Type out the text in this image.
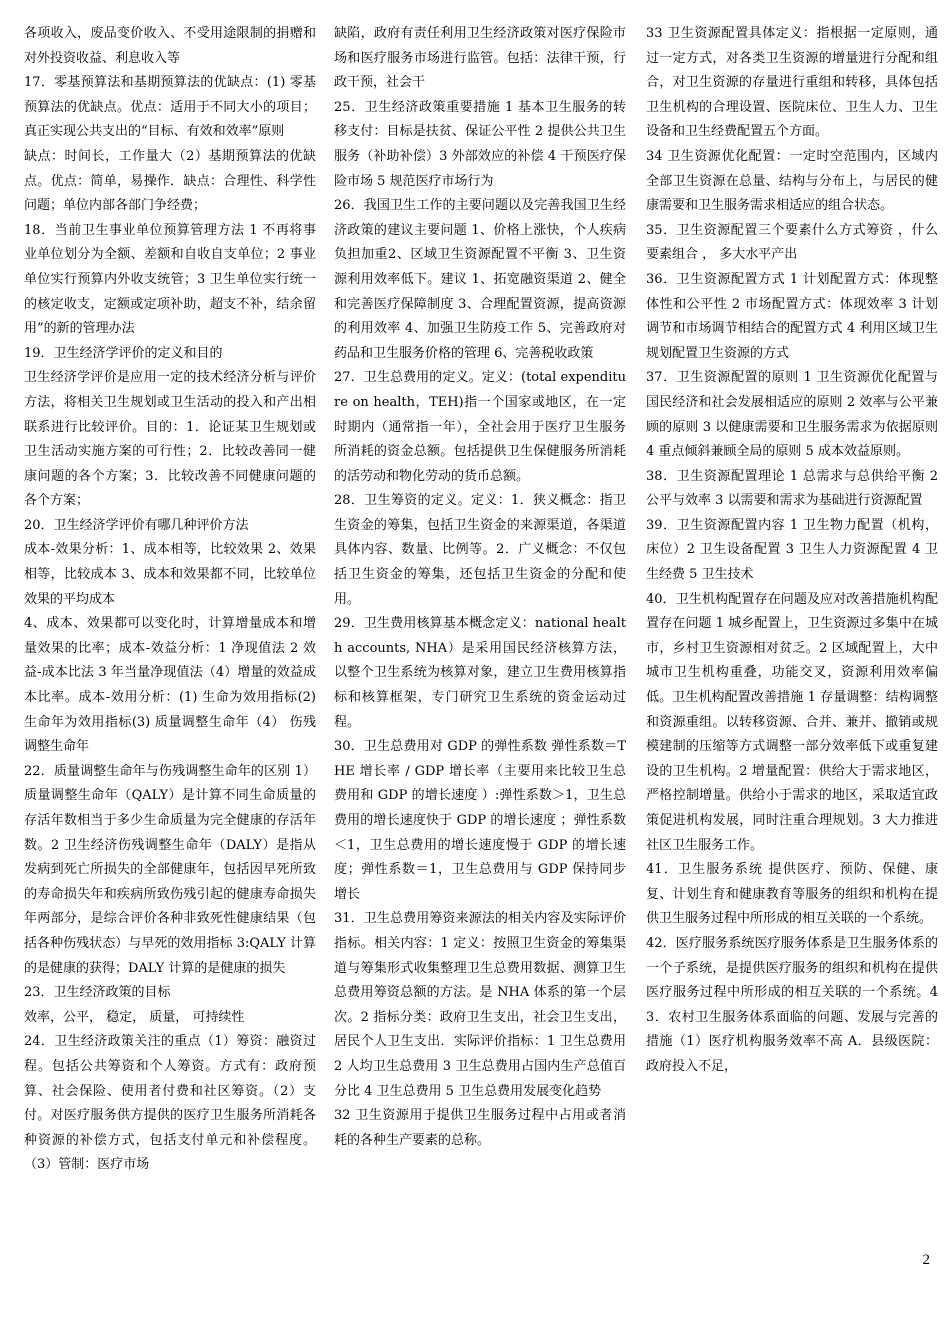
各项收入，废品变价收入、不受用途限制的捐赠和对外投资收益、利息收入等

17．零基预算法和基期预算法的优缺点：(1) 零基预算法的优缺点。优点：适用于不同大小的项目；真正实现公共支出的“目标、有效和效率”原则

缺点：时间长，工作量大（2）基期预算法的优缺点。优点：简单，易操作．缺点：合理性、科学性问题；单位内部各部门争经费；

18．当前卫生事业单位预算管理方法 1 不再将事业单位划分为全额、差额和自收自支单位；2 事业单位实行预算内外收支统管；3 卫生单位实行统一的核定收支，定额或定项补助，超支不补，结余留用”的新的管理办法

19．卫生经济学评价的定义和目的

卫生经济学评价是应用一定的技术经济分析与评价方法，将相关卫生规划或卫生活动的投入和产出相联系进行比较评价。目的：1．论证某卫生规划或卫生活动实施方案的可行性；2．比较改善同一健康问题的各个方案；3．比较改善不同健康问题的各个方案；

20．卫生经济学评价有哪几种评价方法

成本-效果分析：1、成本相等，比较效果 2、效果相等，比较成本 3、成本和效果都不同，比较单位效果的平均成本

4、成本、效果都可以变化时，计算增量成本和增量效果的比率；成本-效益分析：1 净现值法 2 效益-成本比法 3 年当量净现值法（4）增量的效益成本比率。成本-效用分析：(1) 生命为效用指标(2) 生命年为效用指标(3) 质量调整生命年（4） 伤残调整生命年

22．质量调整生命年与伤残调整生命年的区别 1）质量调整生命年（QALY）是计算不同生命质量的存活年数相当于多少生命质量为完全健康的存活年数。2 卫生经济伤残调整生命年（DALY）是指从发病到死亡所损失的全部健康年，包括因早死所致的寿命损失年和疾病所致伤残引起的健康寿命损失年两部分，是综合评价各种非致死性健康结果（包括各种伤残状态）与早死的效用指标 3:QALY 计算的是健康的获得；DALY 计算的是健康的损失

23．卫生经济政策的目标

效率，公平， 稳定， 质量， 可持续性

24．卫生经济政策关注的重点（1）筹资：融资过程。包括公共筹资和个人筹资。方式有：政府预算、社会保险、使用者付费和社区筹资。（2）支付。对医疗服务供方提供的医疗卫生服务所消耗各种资源的补偿方式，包括支付单元和补偿程度。（3）管制：医疗市场

缺陷，政府有责任利用卫生经济政策对医疗保险市场和医疗服务市场进行监管。包括：法律干预，行政干预，社会干

25．卫生经济政策重要措施 1 基本卫生服务的转移支付：目标是扶贫、保证公平性 2 提供公共卫生服务（补助补偿）3 外部效应的补偿 4 干预医疗保险市场 5 规范医疗市场行为

26．我国卫生工作的主要问题以及完善我国卫生经济政策的建议主要问题 1、价格上涨快，个人疾病负担加重2、区域卫生资源配置不平衡 3、卫生资源利用效率低下。建议 1、拓宽融资渠道 2、健全和完善医疗保障制度 3、合理配置资源，提高资源的利用效率 4、加强卫生防疫工作 5、完善政府对药品和卫生服务价格的管理 6、完善税收政策

27．卫生总费用的定义。定义：(total expenditure on health，TEH)指一个国家或地区，在一定时期内（通常指一年），全社会用于医疗卫生服务所消耗的资金总额。包括提供卫生保健服务所消耗的活劳动和物化劳动的货币总额。

28．卫生筹资的定义。定义：1．狭义概念：指卫生资金的筹集，包括卫生资金的来源渠道，各渠道具体内容、数量、比例等。2．广义概念：不仅包括卫生资金的筹集，还包括卫生资金的分配和使用。

29．卫生费用核算基本概念定义：national health accounts, NHA）是采用国民经济核算方法，以整个卫生系统为核算对象，建立卫生费用核算指标和核算框架，专门研究卫生系统的资金运动过程。

30．卫生总费用对 GDP 的弹性系数 弹性系数＝THE 增长率 / GDP 增长率（主要用来比较卫生总费用和 GDP 的增长速度 ）:弹性系数＞1，卫生总费用的增长速度快于 GDP 的增长速度 ；弹性系数＜1，卫生总费用的增长速度慢于 GDP 的增长速度；弹性系数＝1，卫生总费用与 GDP 保持同步增长

31．卫生总费用筹资来源法的相关内容及实际评价指标。相关内容：1 定义：按照卫生资金的筹集渠道与筹集形式收集整理卫生总费用数据、测算卫生总费用筹资总额的方法。是 NHA 体系的第一个层次。2 指标分类：政府卫生支出，社会卫生支出，居民个人卫生支出．实际评价指标：1 卫生总费用 2 人均卫生总费用 3 卫生总费用占国内生产总值百分比 4 卫生总费用 5 卫生总费用发展变化趋势

32 卫生资源用于提供卫生服务过程中占用或者消耗的各种生产要素的总称。

33 卫生资源配置具体定义：指根据一定原则，通过一定方式，对各类卫生资源的增量进行分配和组合，对卫生资源的存量进行重组和转移，具体包括卫生机构的合理设置、医院床位、卫生人力、卫生设备和卫生经费配置五个方面。

34 卫生资源优化配置：一定时空范围内，区域内全部卫生资源在总量、结构与分布上，与居民的健康需要和卫生服务需求相适应的组合状态。

35．卫生资源配置三个要素什么方式筹资 ，什么要素组合 ， 多大水平产出

36．卫生资源配置方式 1 计划配置方式：体现整体性和公平性 2 市场配置方式：体现效率 3 计划调节和市场调节相结合的配置方式 4 利用区域卫生规划配置卫生资源的方式

37．卫生资源配置的原则 1 卫生资源优化配置与国民经济和社会发展相适应的原则 2 效率与公平兼顾的原则 3 以健康需要和卫生服务需求为依据原则 4 重点倾斜兼顾全局的原则 5 成本效益原则。

38．卫生资源配置理论 1 总需求与总供给平衡 2 公平与效率 3 以需要和需求为基础进行资源配置

39．卫生资源配置内容 1 卫生物力配置（机构，床位）2 卫生设备配置 3 卫生人力资源配置 4 卫生经费 5 卫生技术

40．卫生机构配置存在问题及应对改善措施机构配置存在问题 1 城乡配置上，卫生资源过多集中在城市，乡村卫生资源相对贫乏。2 区域配置上，大中城市卫生机构重叠，功能交叉，资源利用效率偏低。卫生机构配置改善措施 1 存量调整：结构调整和资源重组。以转移资源、合并、兼并、撤销或规模建制的压缩等方式调整一部分效率低下或重复建设的卫生机构。2 增量配置：供给大于需求地区，严格控制增量。供给小于需求的地区，采取适宜政策促进机构发展，同时注重合理规划。3 大力推进社区卫生服务工作。

41．卫生服务系统 提供医疗、预防、保健、康复、计划生育和健康教育等服务的组织和机构在提供卫生服务过程中所形成的相互关联的一个系统。

42．医疗服务系统医疗服务体系是卫生服务体系的一个子系统，是提供医疗服务的组织和机构在提供医疗服务过程中所形成的相互关联的一个系统。43．农村卫生服务体系面临的问题、发展与完善的措施（1）医疗机构服务效率不高 A．县级医院：政府投入不足，

2
